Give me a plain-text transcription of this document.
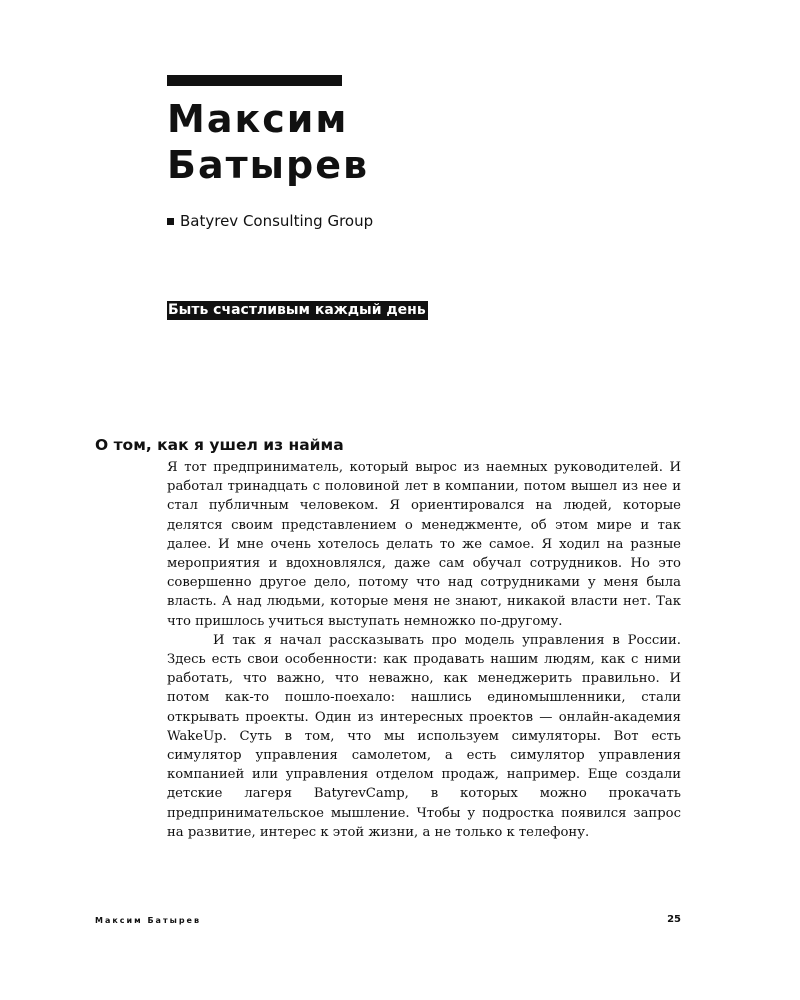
Максим
Батырев
Batyrev Consulting Group
Быть счастливым каждый день
О том, как я ушел из найма

Я тот предприниматель, который вырос из наемных руководителей. И работал тринадцать с половиной лет в компании, потом вышел из нее и стал публичным человеком. Я ориентировался на людей, которые делятся своим представлением о менеджменте, об этом мире и так далее. И мне очень хотелось делать то же самое. Я ходил на разные мероприятия и вдохновлялся, даже сам обучал сотрудников. Но это совершенно другое дело, потому что над сотрудниками у меня была власть. А над людьми, которые меня не знают, никакой власти нет. Так что пришлось учиться выступать немножко по-другому.

И так я начал рассказывать про модель управления в России. Здесь есть свои особенности: как продавать нашим людям, как с ними работать, что важно, что неважно, как менеджерить правильно. И потом как-то пошло-поехало: нашлись единомышленники, стали открывать проекты. Один из интересных проектов — онлайн-академия WakeUp. Суть в том, что мы используем симуляторы. Вот есть симулятор управления самолетом, а есть симулятор управления компанией или управления отделом продаж, например. Еще создали детские лагеря BatyrevCamp, в которых можно прокачать предпринимательское мышление. Чтобы у подростка появился запрос на развитие, интерес к этой жизни, а не только к телефону.

Максим Батырев	25
